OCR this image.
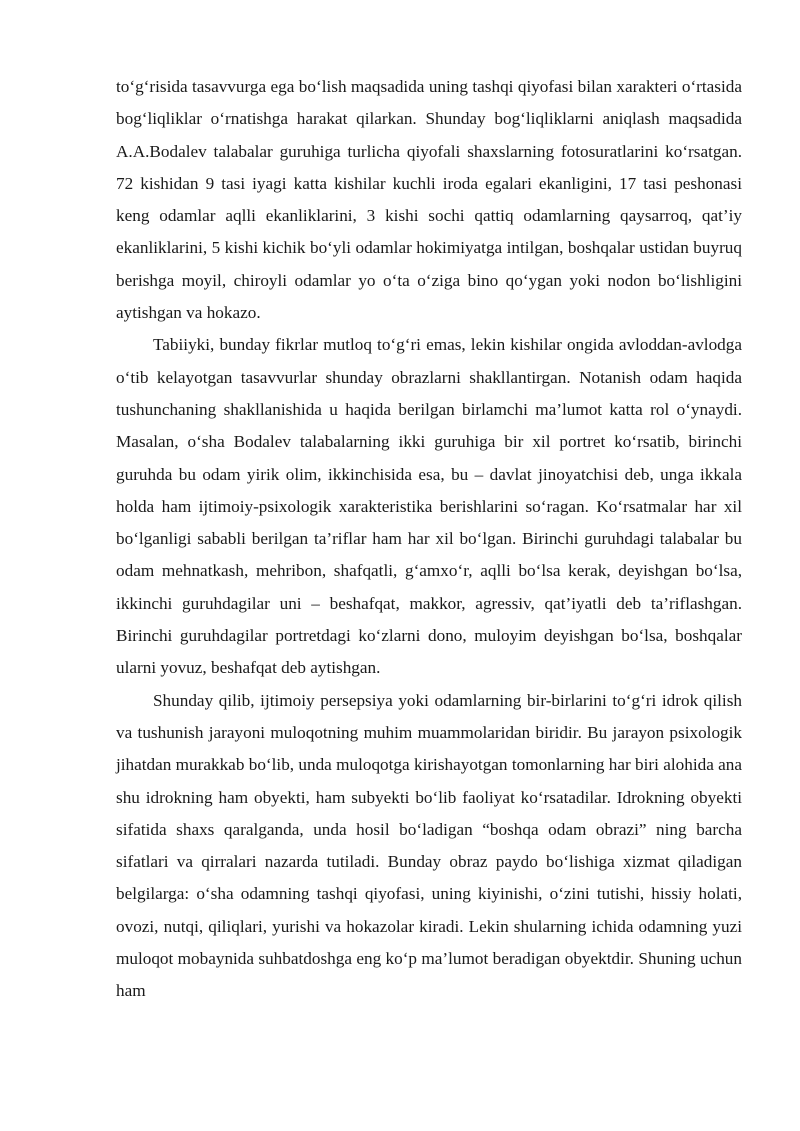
to‘g‘risida tasavvurga ega bo‘lish maqsadida uning tashqi qiyofasi bilan xarakteri o‘rtasida bog‘liqliklar o‘rnatishga harakat qilarkan. Shunday bog‘liqliklarni aniqlash maqsadida A.A.Bodalev talabalar guruhiga turlicha qiyofali shaxslarning fotosuratlarini ko‘rsatgan. 72 kishidan 9 tasi iyagi katta kishilar kuchli iroda egalari ekanligini, 17 tasi peshonasi keng odamlar aqlli ekanliklarini, 3 kishi sochi qattiq odamlarning qaysarroq, qat’iy ekanliklarini, 5 kishi kichik bo‘yli odamlar hokimiyatga intilgan, boshqalar ustidan buyruq berishga moyil, chiroyli odamlar yo o‘ta o‘ziga bino qo‘ygan yoki nodon bo‘lishligini aytishgan va hokazo.

Tabiiyki, bunday fikrlar mutloq to‘g‘ri emas, lekin kishilar ongida avloddan-avlodga o‘tib kelayotgan tasavvurlar shunday obrazlarni shakllantirgan. Notanish odam haqida tushunchaning shakllanishida u haqida berilgan birlamchi ma’lumot katta rol o‘ynaydi. Masalan, o‘sha Bodalev talabalarning ikki guruhiga bir xil portret ko‘rsatib, birinchi guruhda bu odam yirik olim, ikkinchisida esa, bu – davlat jinoyatchisi deb, unga ikkala holda ham ijtimoiy-psixologik xarakteristika berishlarini so‘ragan. Ko‘rsatmalar har xil bo‘lganligi sababli berilgan ta’riflar ham har xil bo‘lgan. Birinchi guruhdagi talabalar bu odam mehnatkash, mehribon, shafqatli, g‘amxo‘r, aqlli bo‘lsa kerak, deyishgan bo‘lsa, ikkinchi guruhdagilar uni – beshafqat, makkor, agressiv, qat’iyatli deb ta’riflashgan. Birinchi guruhdagilar portretdagi ko‘zlarni dono, muloyim deyishgan bo‘lsa, boshqalar ularni yovuz, beshafqat deb aytishgan.

Shunday qilib, ijtimoiy persepsiya yoki odamlarning bir-birlarini to‘g‘ri idrok qilish va tushunish jarayoni muloqotning muhim muammolaridan biridir. Bu jarayon psixologik jihatdan murakkab bo‘lib, unda muloqotga kirishayotgan tomonlarning har biri alohida ana shu idrokning ham obyekti, ham subyekti bo‘lib faoliyat ko‘rsatadilar. Idrokning obyekti sifatida shaxs qaralganda, unda hosil bo‘ladigan “boshqa odam obrazi” ning barcha sifatlari va qirralari nazarda tutiladi. Bunday obraz paydo bo‘lishiga xizmat qiladigan belgilarga: o‘sha odamning tashqi qiyofasi, uning kiyinishi, o‘zini tutishi, hissiy holati, ovozi, nutqi, qiliqlari, yurishi va hokazolar kiradi. Lekin shularning ichida odamning yuzi muloqot mobaynida suhbatdoshga eng ko‘p ma’lumot beradigan obyektdir. Shuning uchun ham
